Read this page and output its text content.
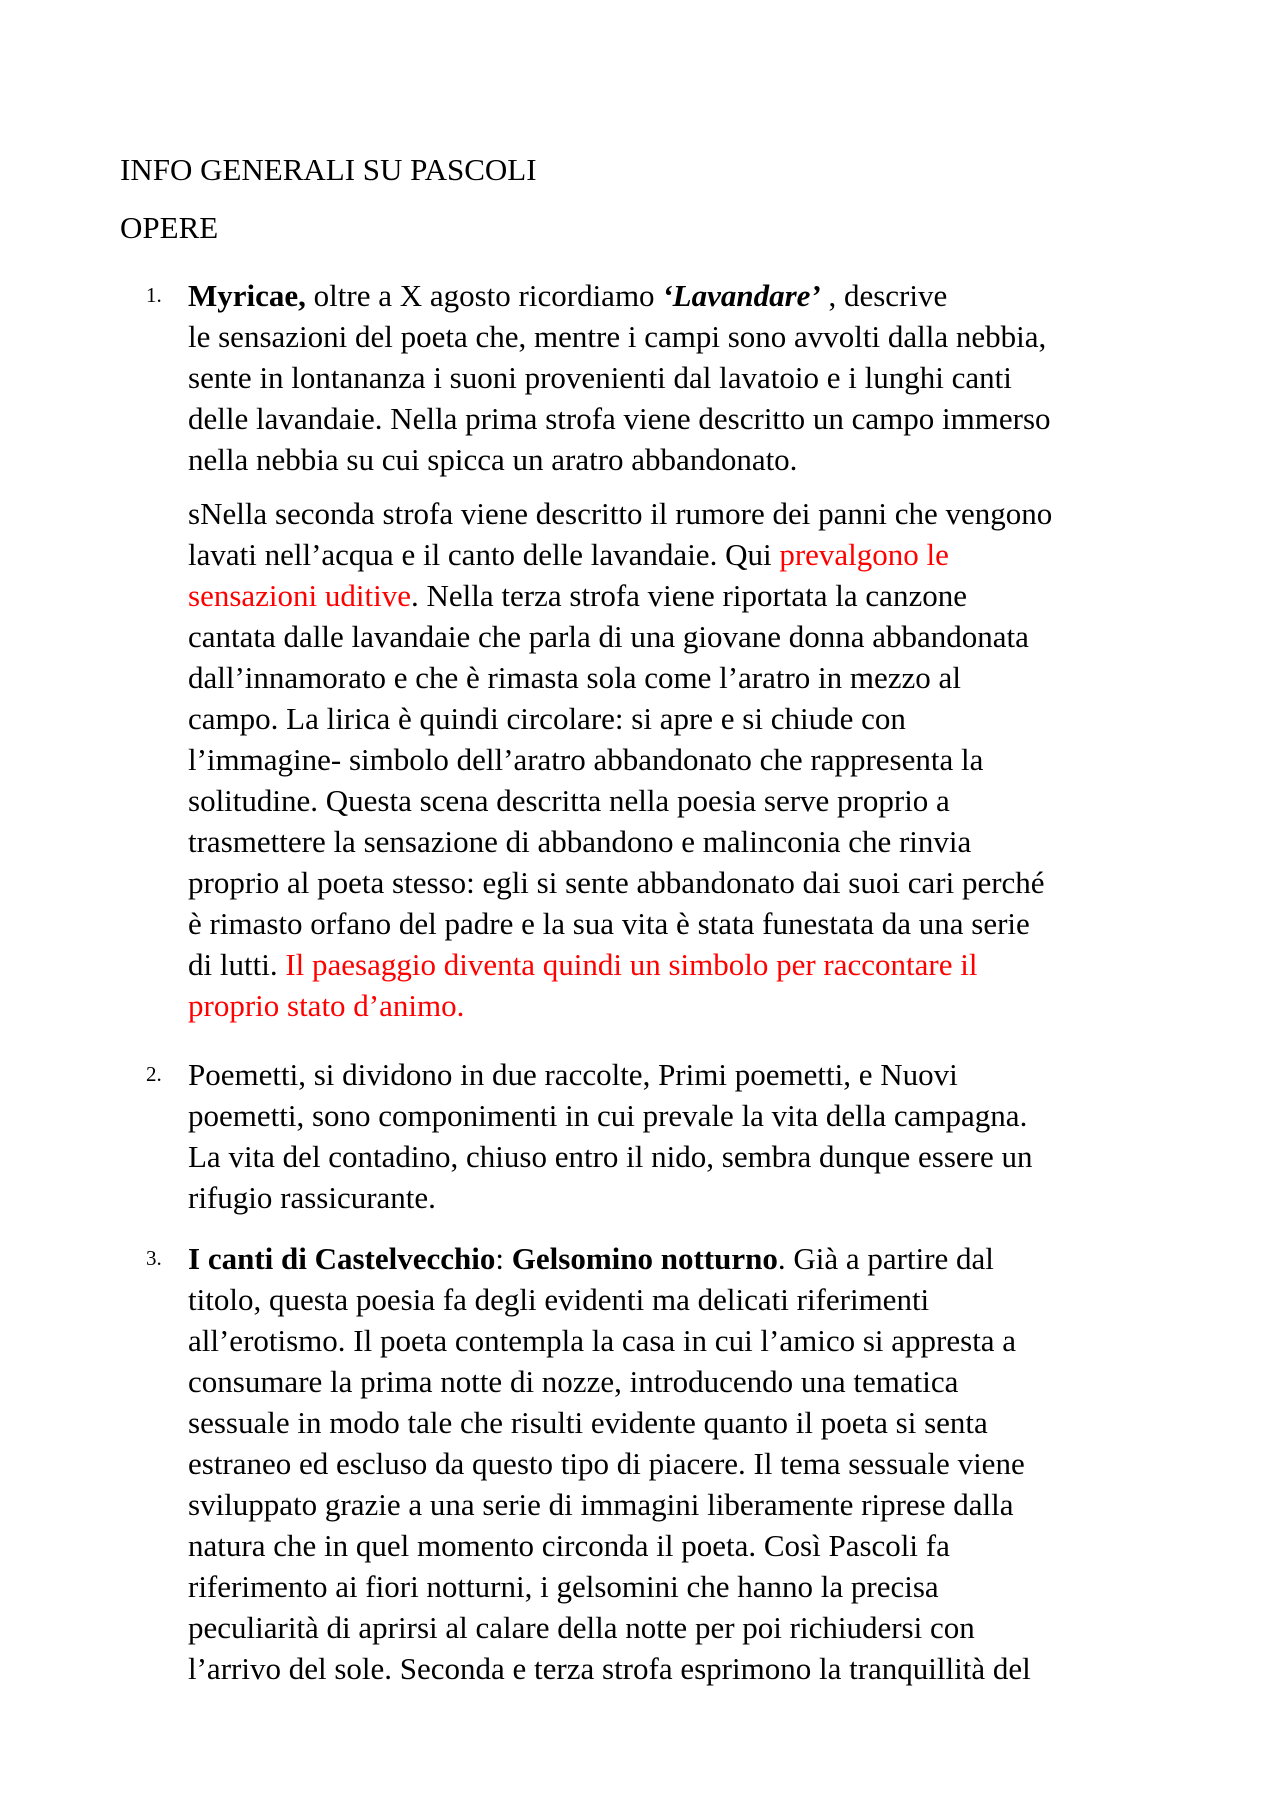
INFO GENERALI SU PASCOLI
OPERE
1. Myricae, oltre a X agosto ricordiamo ‘Lavandare’ , descrive
le sensazioni del poeta che, mentre i campi sono avvolti dalla nebbia,
sente in lontananza i suoni provenienti dal lavatoio e i lunghi canti
delle lavandaie. Nella prima strofa viene descritto un campo immerso
nella nebbia su cui spicca un aratro abbandonato.
sNella seconda strofa viene descritto il rumore dei panni che vengono
lavati nell’acqua e il canto delle lavandaie. Qui prevalgono le
sensazioni uditive. Nella terza strofa viene riportata la canzone
cantata dalle lavandaie che parla di una giovane donna abbandonata
dall’innamorato e che è rimasta sola come l’aratro in mezzo al
campo. La lirica è quindi circolare: si apre e si chiude con
l’immagine- simbolo dell’aratro abbandonato che rappresenta la
solitudine. Questa scena descritta nella poesia serve proprio a
trasmettere la sensazione di abbandono e malinconia che rinvia
proprio al poeta stesso: egli si sente abbandonato dai suoi cari perché
è rimasto orfano del padre e la sua vita è stata funestata da una serie
di lutti. Il paesaggio diventa quindi un simbolo per raccontare il
proprio stato d’animo.
2. Poemetti, si dividono in due raccolte, Primi poemetti, e Nuovi
poemetti, sono componimenti in cui prevale la vita della campagna.
La vita del contadino, chiuso entro il nido, sembra dunque essere un
rifugio rassicurante.
3. I canti di Castelvecchio: Gelsomino notturno. Già a partire dal
titolo, questa poesia fa degli evidenti ma delicati riferimenti
all’erotismo. Il poeta contempla la casa in cui l’amico si appresta a
consumare la prima notte di nozze, introducendo una tematica
sessuale in modo tale che risulti evidente quanto il poeta si senta
estraneo ed escluso da questo tipo di piacere. Il tema sessuale viene
sviluppato grazie a una serie di immagini liberamente riprese dalla
natura che in quel momento circonda il poeta. Così Pascoli fa
riferimento ai fiori notturni, i gelsomini che hanno la precisa
peculiarità di aprirsi al calare della notte per poi richiudersi con
l’arrivo del sole. Seconda e terza strofa esprimono la tranquillità del
